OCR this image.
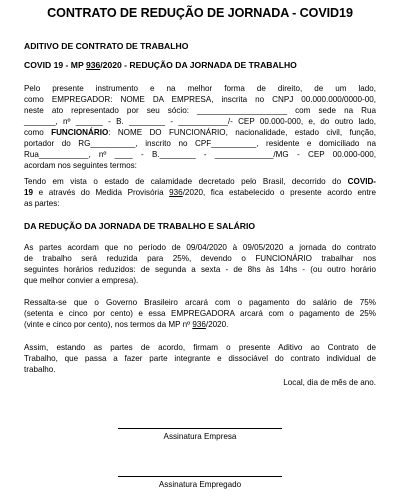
CONTRATO DE REDUÇÃO DE JORNADA - COVID19
ADITIVO DE CONTRATO DE TRABALHO
COVID 19 - MP 936/2020 - REDUÇÃO DA JORNADA DE TRABALHO
Pelo presente instrumento e na melhor forma de direito, de um lado,
como EMPREGADOR: NOME DA EMPRESA, inscrita no CNPJ 00.000.000/0000-00,
neste ato representado por seu sócio: ____________________ com sede na Rua
_______, nº ______ - B. ________ - ___________/- CEP 00.000-000, e, do outro lado,
como FUNCIONÁRIO: NOME DO FUNCIONÁRIO, nacionalidade, estado civil, função,
portador do RG__________, inscrito no CPF__________, residente e domiciliado na
Rua___________, nº ____ - B.________ - _____________/MG - CEP 00.000-000,
acordam nos seguintes termos:
Tendo em vista o estado de calamidade decretado pelo Brasil, decorrido do COVID-
19 e através do Medida Provisória 936/2020, fica estabelecido o presente acordo entre
as partes:
DA REDUÇÃO DA JORNADA DE TRABALHO E SALÁRIO
As partes acordam que no período de 09/04/2020 à 09/05/2020 a jornada do contrato
de trabalho será reduzida para 25%, devendo o FUNCIONÁRIO trabalhar nos
seguintes horários reduzidos: de segunda a sexta - de 8hs às 14hs - (ou outro horário
que melhor convier a empresa).
Ressalta-se que o Governo Brasileiro arcará com o pagamento do salário de 75%
(setenta e cinco por cento) e essa EMPREGADORA arcará com o pagamento de 25%
(vinte e cinco por cento), nos termos da MP nº 936/2020.
Assim, estando as partes de acordo, firmam o presente Aditivo ao Contrato de
Trabalho, que passa a fazer parte integrante e dissociável do contrato individual de
trabalho.
Local, dia de mês de ano.
Assinatura Empresa
Assinatura Empregado
